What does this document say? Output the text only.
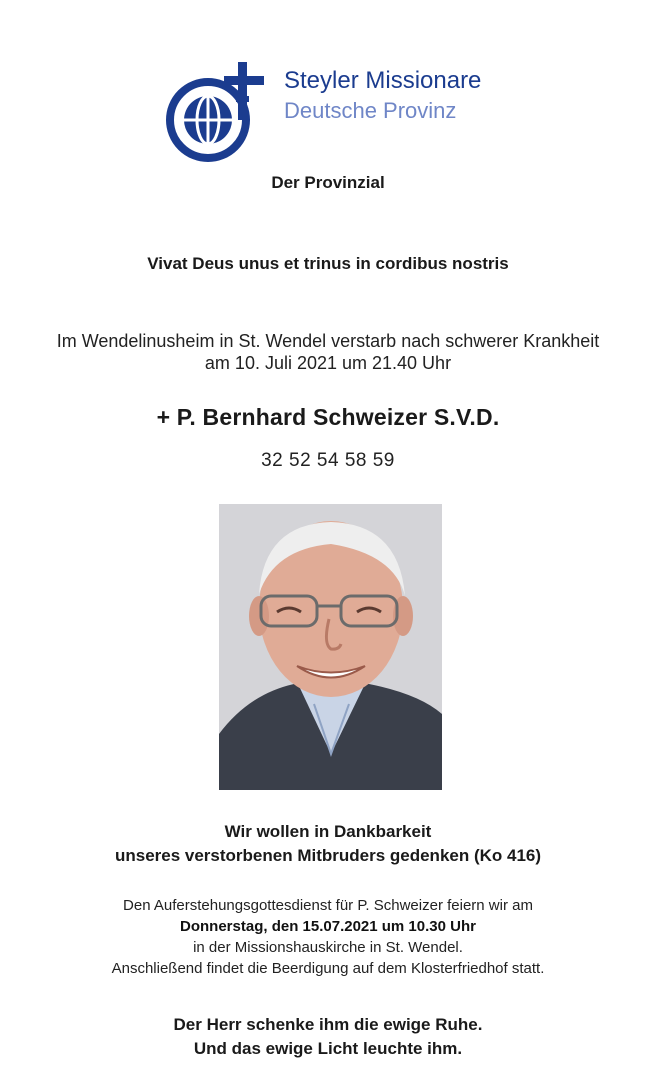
Steyler Missionare
Deutsche Provinz
Der Provinzial
Vivat Deus unus et trinus in cordibus nostris
Im Wendelinusheim in St. Wendel verstarb nach schwerer Krankheit
am 10. Juli 2021 um 21.40 Uhr
+ P. Bernhard Schweizer S.V.D.
32 52 54 58 59
Wir wollen in Dankbarkeit
unseres verstorbenen Mitbruders gedenken (Ko 416)
Den Auferstehungsgottesdienst für P. Schweizer feiern wir am
Donnerstag, den 15.07.2021 um 10.30 Uhr
in der Missionshauskirche in St. Wendel.
Anschließend findet die Beerdigung auf dem Klosterfriedhof statt.
Der Herr schenke ihm die ewige Ruhe.
Und das ewige Licht leuchte ihm.
